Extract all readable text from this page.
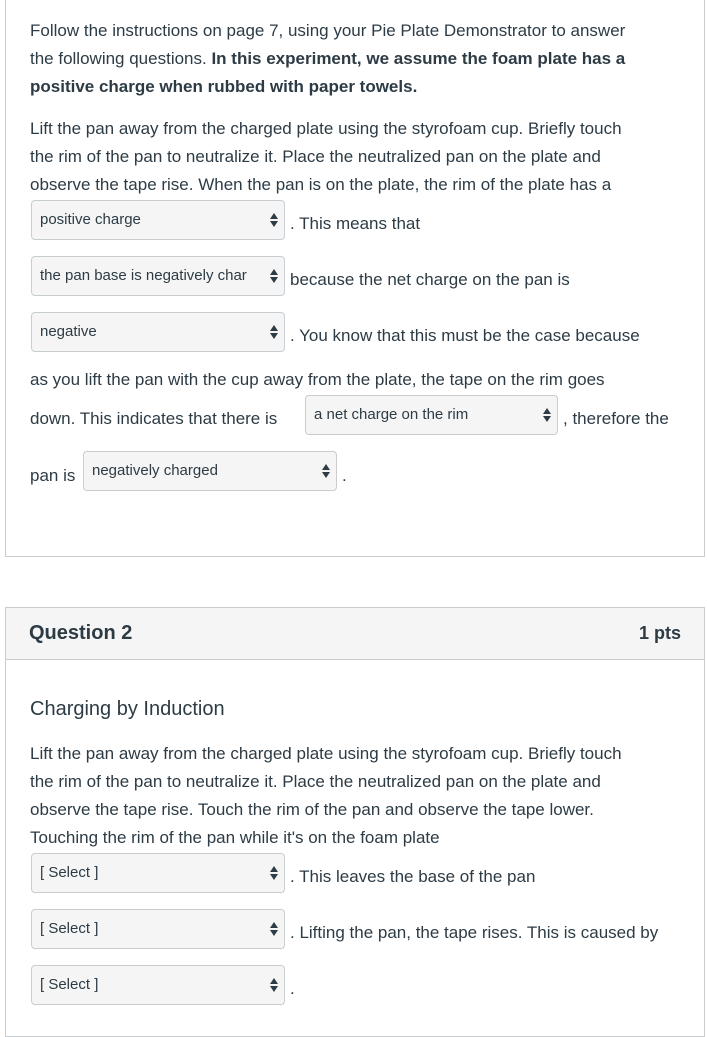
Follow the instructions on page 7, using your Pie Plate Demonstrator to answer
the following questions. In this experiment, we assume the foam plate has a
positive charge when rubbed with paper towels.
Lift the pan away from the charged plate using the styrofoam cup. Briefly touch
the rim of the pan to neutralize it. Place the neutralized pan on the plate and
observe the tape rise. When the pan is on the plate, the rim of the plate has a
positive charge	. This means that
the pan base is negatively char	because the net charge on the pan is
negative	. You know that this must be the case because
as you lift the pan with the cup away from the plate, the tape on the rim goes
down. This indicates that there is	a net charge on the rim	, therefore the
pan is	negatively charged	.
Question 2	1 pts
Charging by Induction
Lift the pan away from the charged plate using the styrofoam cup. Briefly touch
the rim of the pan to neutralize it. Place the neutralized pan on the plate and
observe the tape rise. Touch the rim of the pan and observe the tape lower.
Touching the rim of the pan while it's on the foam plate
[ Select ]	. This leaves the base of the pan
[ Select ]	. Lifting the pan, the tape rises. This is caused by
[ Select ]	.
